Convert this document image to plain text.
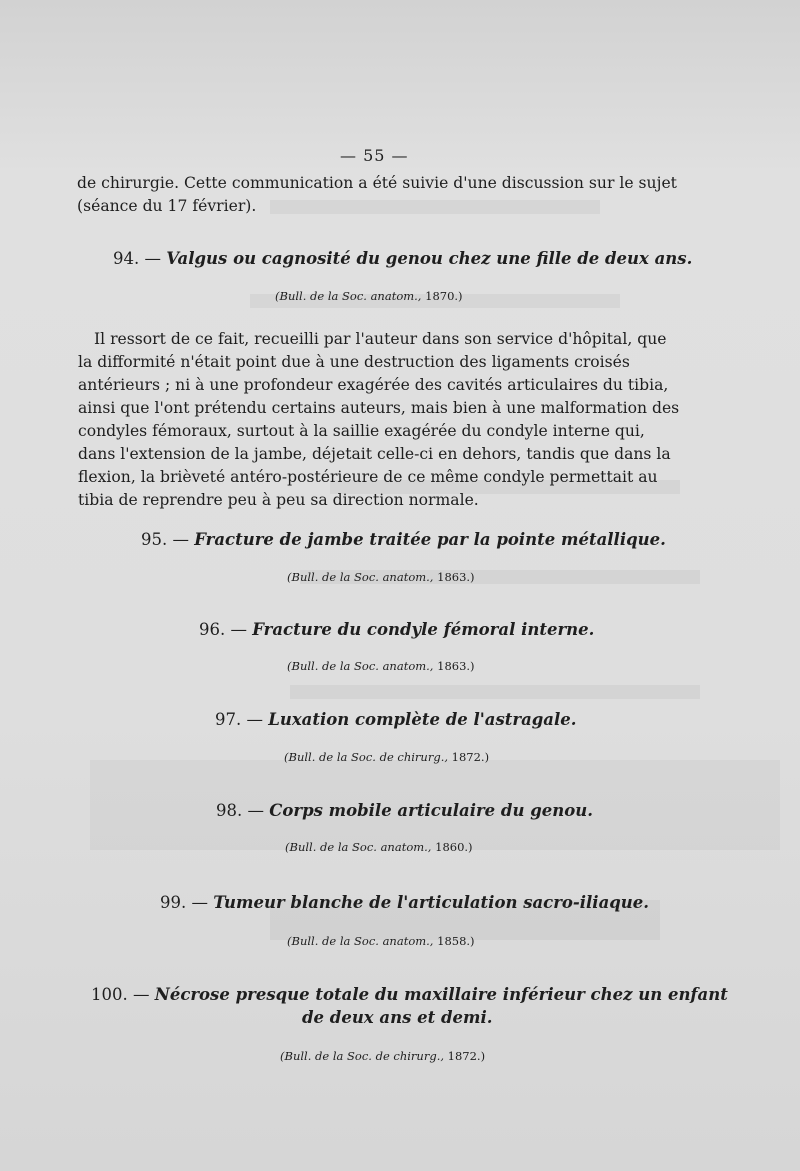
— 55 —
de chirurgie. Cette communication a été suivie d'une discussion sur le sujet
(séance du 17 février).
94. — Valgus ou cagnosité du genou chez une fille de deux ans.
(Bull. de la Soc. anatom., 1870.)
Il ressort de ce fait, recueilli par l'auteur dans son service d'hôpital, que
la difformité n'était point due à une destruction des ligaments croisés
antérieurs ; ni à une profondeur exagérée des cavités articulaires du tibia,
ainsi que l'ont prétendu certains auteurs, mais bien à une malformation des
condyles fémoraux, surtout à la saillie exagérée du condyle interne qui,
dans l'extension de la jambe, déjetait celle-ci en dehors, tandis que dans la
flexion, la brièveté antéro-postérieure de ce même condyle permettait au
tibia de reprendre peu à peu sa direction normale.
95. — Fracture de jambe traitée par la pointe métallique.
(Bull. de la Soc. anatom., 1863.)
96. — Fracture du condyle fémoral interne.
(Bull. de la Soc. anatom., 1863.)
97. — Luxation complète de l'astragale.
(Bull. de la Soc. de chirurg., 1872.)
98. — Corps mobile articulaire du genou.
(Bull. de la Soc. anatom., 1860.)
99. — Tumeur blanche de l'articulation sacro-iliaque.
(Bull. de la Soc. anatom., 1858.)
100. — Nécrose presque totale du maxillaire inférieur chez un enfant
de deux ans et demi.
(Bull. de la Soc. de chirurg., 1872.)
